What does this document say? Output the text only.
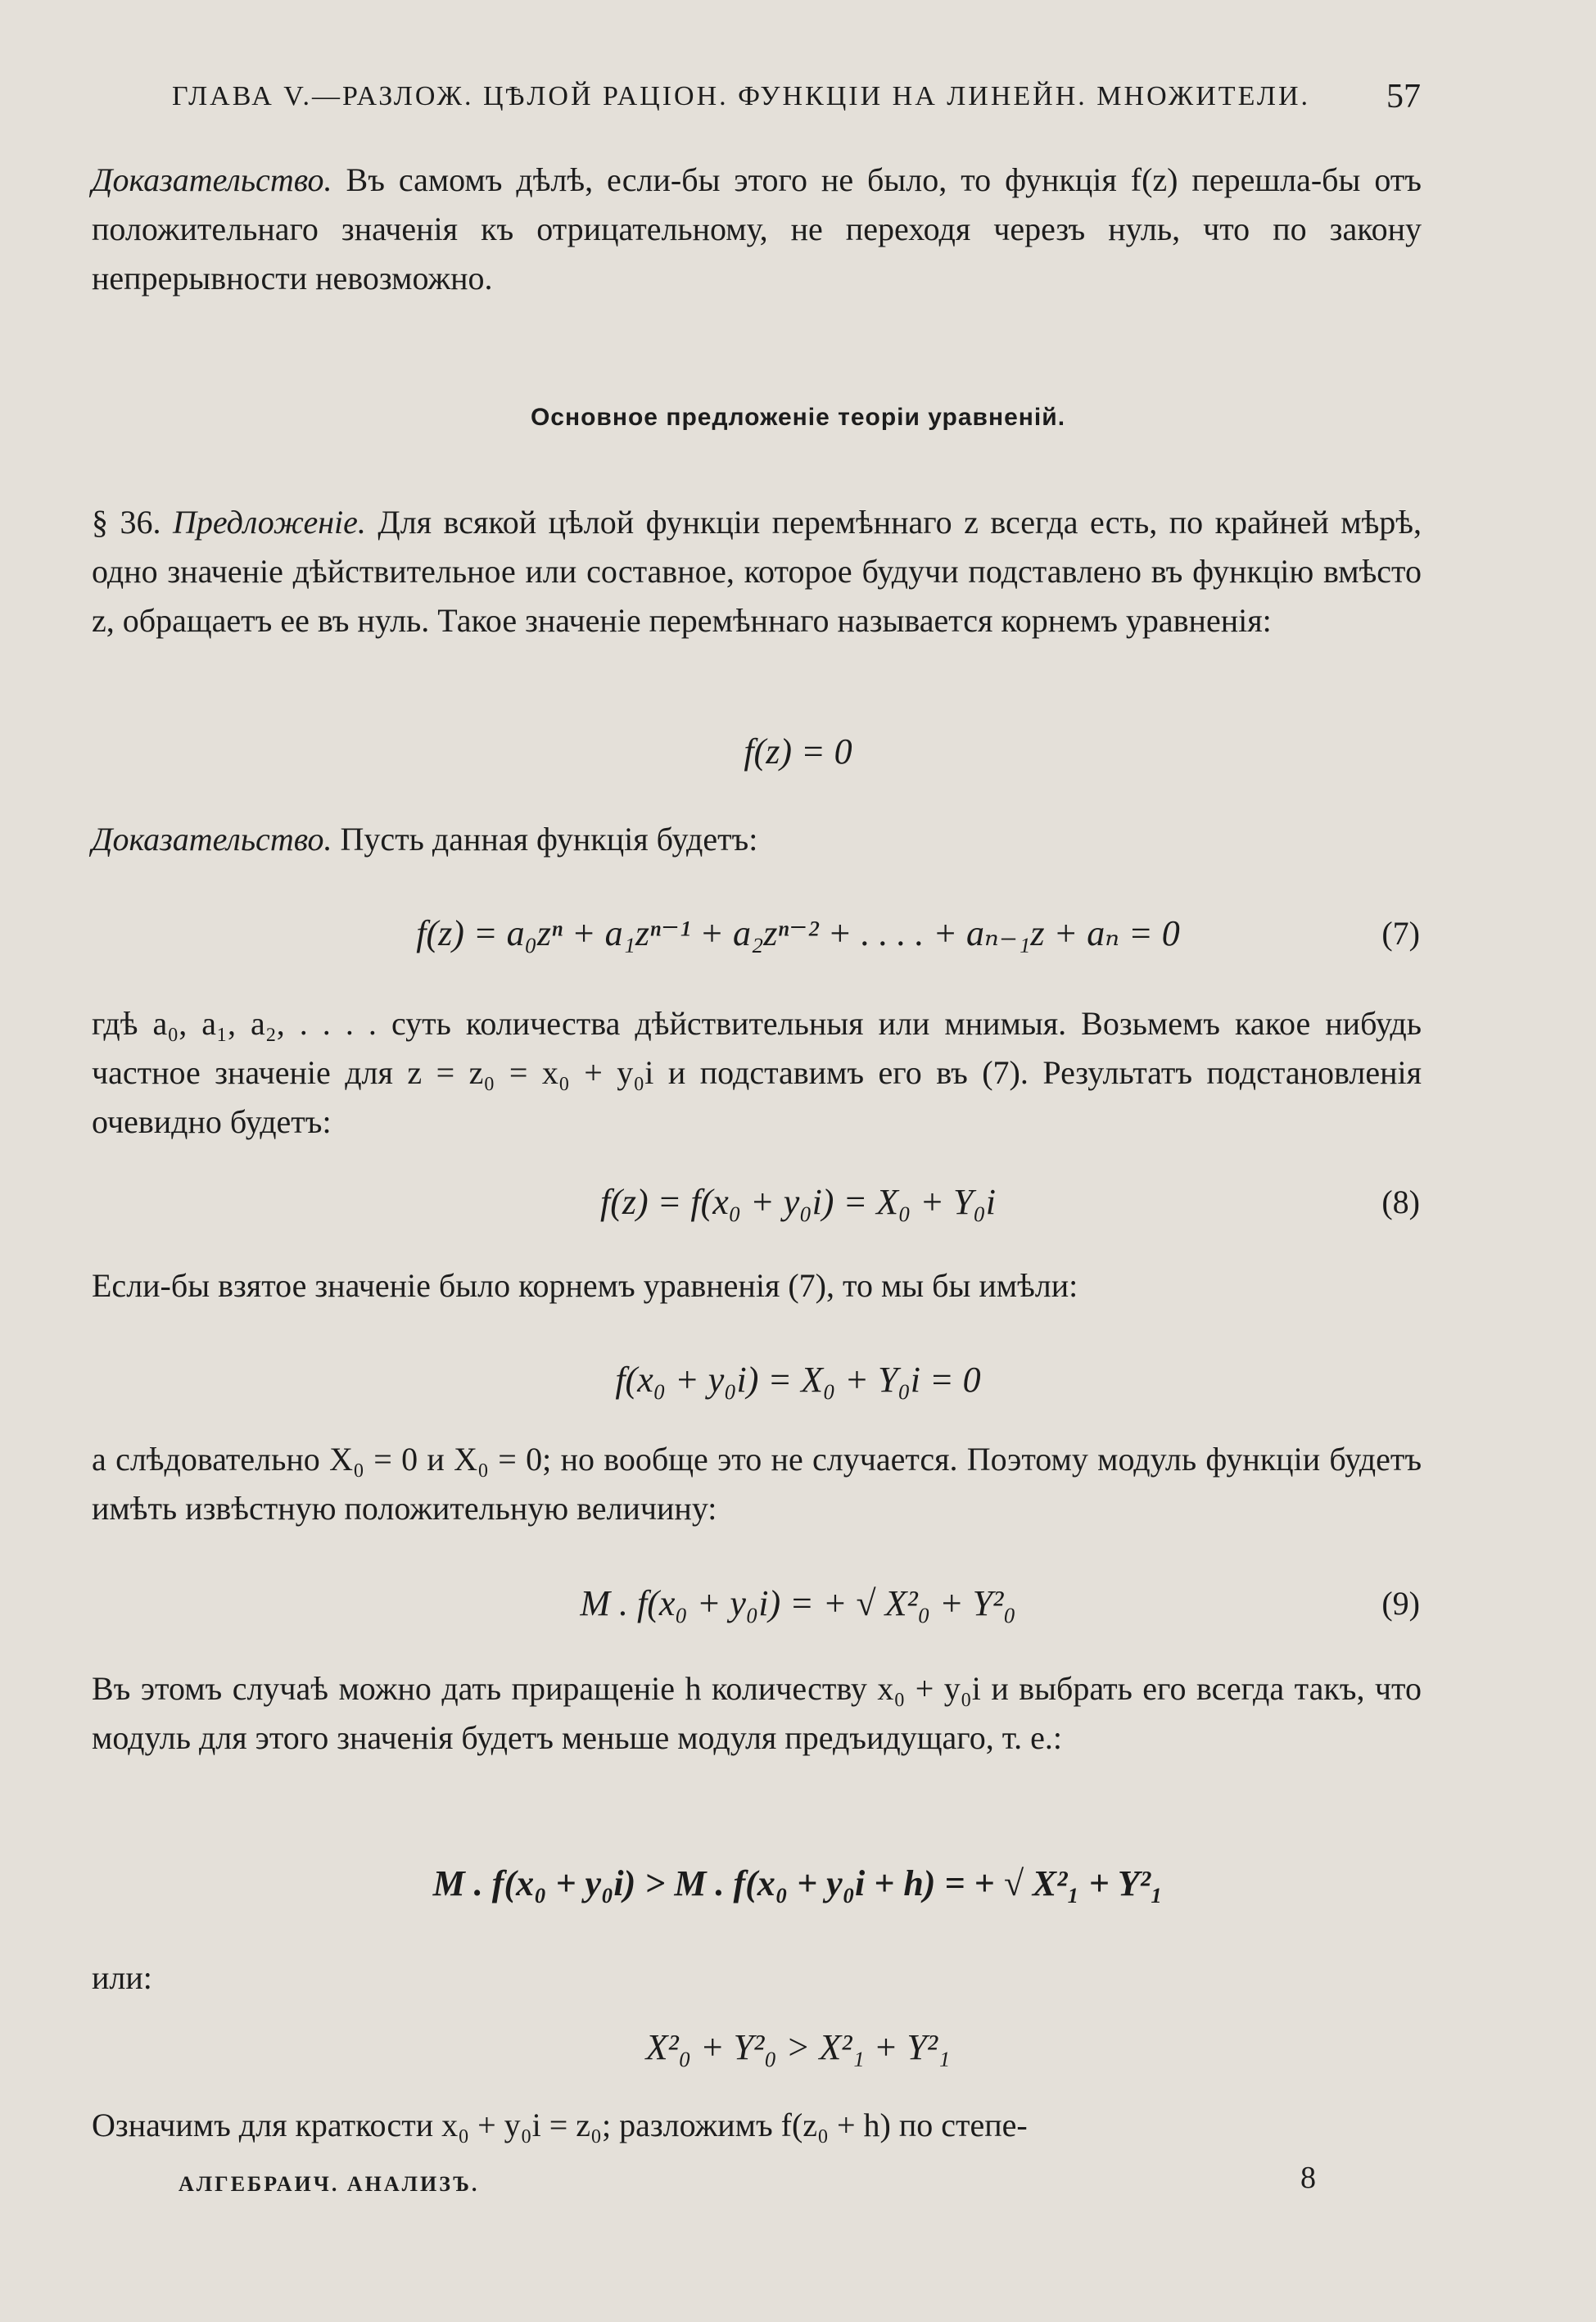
ГЛАВА V.—РАЗЛОЖ. ЦѢЛОЙ РАЦІОН. ФУНКЦІИ НА ЛИНЕЙН. МНОЖИТЕЛИ. 57

Доказательство. Въ самомъ дѣлѣ, если-бы этого не было, то функція f(z) перешла-бы отъ положительнаго значенія къ отрицательному, не переходя черезъ нуль, что по закону непрерывности невозможно.

Основное предложеніе теоріи уравненій.

§ 36. Предложеніе. Для всякой цѣлой функціи перемѣннаго z всегда есть, по крайней мѣрѣ, одно значеніе дѣйствительное или составное, которое будучи подставлено въ функцію вмѣсто z, обращаетъ ее въ нуль. Такое значеніе перемѣннаго называется корнемъ уравненія:

f(z) = 0

Доказательство. Пусть данная функція будетъ:

f(z) = a₀zⁿ + a₁zⁿ⁻¹ + a₂zⁿ⁻² + . . . . + aₙ₋₁z + aₙ = 0	(7)

гдѣ a₀, a₁, a₂, . . . . суть количества дѣйствительныя или мнимыя. Возьмемъ какое нибудь частное значеніе для z = z₀ = x₀ + y₀i и подставимъ его въ (7). Результатъ подстановленія очевидно будетъ:

f(z) = f(x₀ + y₀i) = X₀ + Y₀i	(8)

Если-бы взятое значеніе было корнемъ уравненія (7), то мы бы имѣли:

f(x₀ + y₀i) = X₀ + Y₀i = 0

а слѣдовательно X₀ = 0 и X₀ = 0; но вообще это не случается. Поэтому модуль функціи будетъ имѣть извѣстную положительную величину:

M . f(x₀ + y₀i) = + √ X²₀ + Y²₀	(9)

Въ этомъ случаѣ можно дать приращеніе h количеству x₀ + y₀i и выбрать его всегда такъ, что модуль для этого значенія будетъ меньше модуля предъидущаго, т. е.:

M . f(x₀ + y₀i) > M . f(x₀ + y₀i + h) = + √ X²₁ + Y²₁

или:

X²₀ + Y²₀ > X²₁ + Y²₁

Означимъ для краткости x₀ + y₀i = z₀; разложимъ f(z₀ + h) по степе-

АЛГЕБРАИЧ. АНАЛИЗЪ.	8
